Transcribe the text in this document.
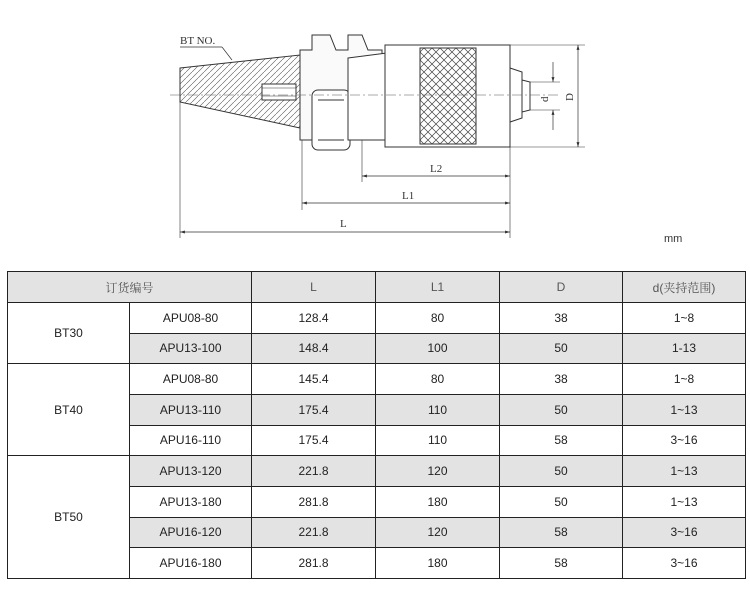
BT NO.
L2
L1
L
D
d
mm
订货编号		L	L1	D	d(夹持范围)
BT30	APU08-80	128.4	80	38	1~8
	APU13-100	148.4	100	50	1-13
BT40	APU08-80	145.4	80	38	1~8
	APU13-110	175.4	110	50	1~13
	APU16-110	175.4	110	58	3~16
BT50	APU13-120	221.8	120	50	1~13
	APU13-180	281.8	180	50	1~13
	APU16-120	221.8	120	58	3~16
	APU16-180	281.8	180	58	3~16
